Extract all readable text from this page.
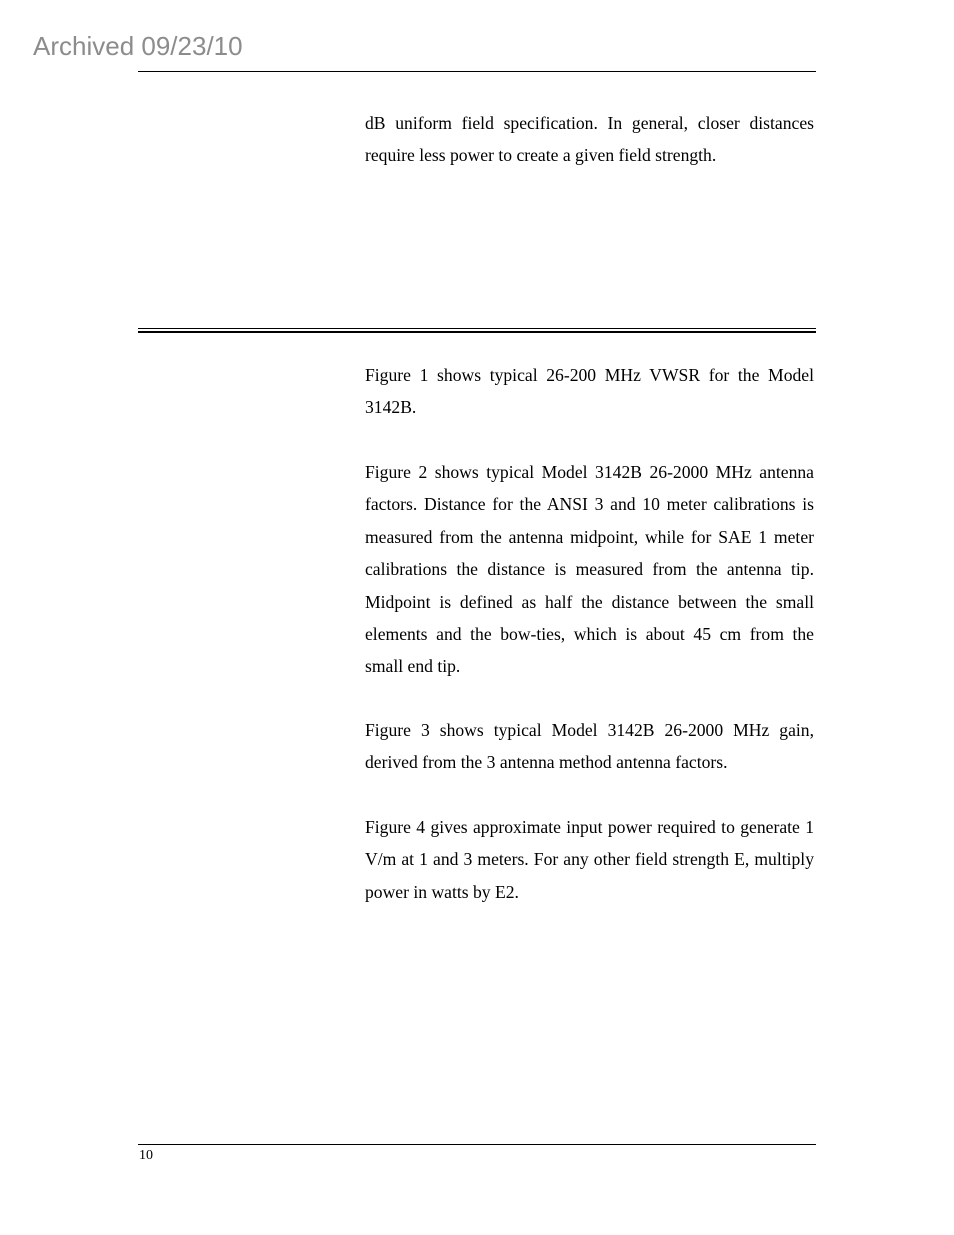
Archived 09/23/10

dB uniform field specification. In general, closer distances require less power to create a given field strength.

Figure 1 shows typical 26-200 MHz VWSR for the Model 3142B.

Figure 2 shows typical Model 3142B 26-2000 MHz antenna factors. Distance for the ANSI 3 and 10 meter calibrations is measured from the antenna midpoint, while for SAE 1 meter calibrations the distance is measured from the antenna tip. Midpoint is defined as half the distance between the small elements and the bow-ties, which is about 45 cm from the small end tip.

Figure 3 shows typical Model 3142B 26-2000 MHz gain, derived from the 3 antenna method antenna factors.

Figure 4 gives approximate input power required to generate 1 V/m at 1 and 3 meters. For any other field strength E, multiply power in watts by E2.

10
